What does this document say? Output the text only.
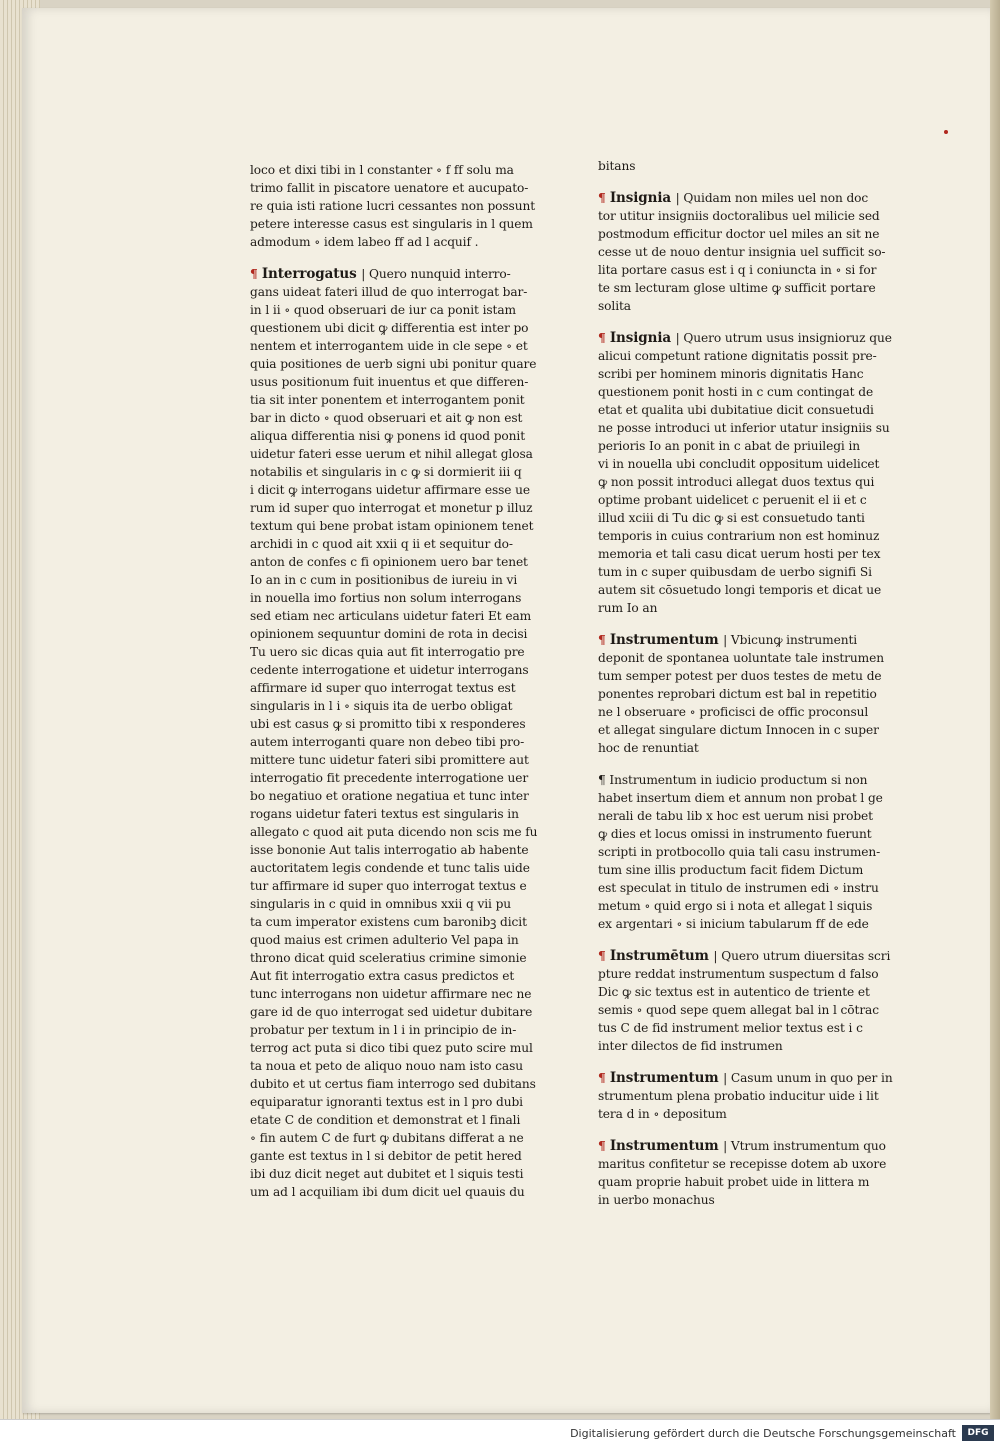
loco et dixi tibi in l constanter ∘ f ff solu ma
trimo fallit in piscatore uenatore et aucupato-
re quia isti ratione lucri cessantes non possunt
petere interesse casus est singularis in l quem
admodum ∘ idem labeo ff ad l acquif .
¶ Interrogatus | Quero nunquid interro-
gans uideat fateri illud de quo interrogat bar-
in l ii ∘ quod obseruari de iur ca ponit istam
questionem ubi dicit ꝙ differentia est inter po
nentem et interrogantem uide in cle sepe ∘ et
quia positiones de uerb signi ubi ponitur quare
usus positionum fuit inuentus et que differen-
tia sit inter ponentem et interrogantem ponit
bar in dicto ∘ quod obseruari et ait ꝙ non est
aliqua differentia nisi ꝙ ponens id quod ponit
uidetur fateri esse uerum et nihil allegat glosa
notabilis et singularis in c ꝙ si dormierit iii q
i dicit ꝙ interrogans uidetur affirmare esse ue
rum id super quo interrogat et monetur p illuz
textum qui bene probat istam opinionem tenet
archidi in c quod ait xxii q ii et sequitur do-
anton de confes c fi opinionem uero bar tenet
Io an in c cum in positionibus de iureiu in vi
in nouella imo fortius non solum interrogans
sed etiam nec articulans uidetur fateri Et eam
opinionem sequuntur domini de rota in decisi
Tu uero sic dicas quia aut fit interrogatio pre
cedente interrogatione et uidetur interrogans
affirmare id super quo interrogat textus est
singularis in l i ∘ siquis ita de uerbo obligat
ubi est casus ꝙ si promitto tibi x responderes
autem interroganti quare non debeo tibi pro-
mittere tunc uidetur fateri sibi promittere aut
interrogatio fit precedente interrogatione uer
bo negatiuo et oratione negatiua et tunc inter
rogans uidetur fateri textus est singularis in
allegato c quod ait puta dicendo non scis me fu
isse bononie Aut talis interrogatio ab habente
auctoritatem legis condende et tunc talis uide
tur affirmare id super quo interrogat textus e
singularis in c quid in omnibus xxii q vii pu
ta cum imperator existens cum baronibꝫ dicit
quod maius est crimen adulterio Vel papa in
throno dicat quid sceleratius crimine simonie
Aut fit interrogatio extra casus predictos et
tunc interrogans non uidetur affirmare nec ne
gare id de quo interrogat sed uidetur dubitare
probatur per textum in l i in principio de in-
terrog act puta si dico tibi quez puto scire mul
ta noua et peto de aliquo nouo nam isto casu
dubito et ut certus fiam interrogo sed dubitans
equiparatur ignoranti textus est in l pro dubi
etate C de condition et demonstrat et l finali
∘ fin autem C de furt ꝙ dubitans differat a ne
gante est textus in l si debitor de petit hered
ibi duz dicit neget aut dubitet et l siquis testi
um ad l acquiliam ibi dum dicit uel quauis du
bitans
¶ Insignia | Quidam non miles uel non doc
tor utitur insigniis doctoralibus uel milicie sed
postmodum efficitur doctor uel miles an sit ne
cesse ut de nouo dentur insignia uel sufficit so-
lita portare casus est i q i coniuncta in ∘ si for
te sm lecturam glose ultime ꝙ sufficit portare
solita
¶ Insignia | Quero utrum usus insignioruz que
alicui competunt ratione dignitatis possit pre-
scribi per hominem minoris dignitatis Hanc
questionem ponit hosti in c cum contingat de
etat et qualita ubi dubitatiue dicit consuetudi
ne posse introduci ut inferior utatur insigniis su
perioris Io an ponit in c abat de priuilegi in
vi in nouella ubi concludit oppositum uidelicet
ꝙ non possit introduci allegat duos textus qui
optime probant uidelicet c peruenit el ii et c
illud xciii di Tu dic ꝙ si est consuetudo tanti
temporis in cuius contrarium non est hominuz
memoria et tali casu dicat uerum hosti per tex
tum in c super quibusdam de uerbo signifi Si
autem sit cōsuetudo longi temporis et dicat ue
rum Io an
¶ Instrumentum | Vbicunꝙ instrumenti
deponit de spontanea uoluntate tale instrumen
tum semper potest per duos testes de metu de
ponentes reprobari dictum est bal in repetitio
ne l obseruare ∘ proficisci de offic proconsul
et allegat singulare dictum Innocen in c super
hoc de renuntiat
¶ Instrumentum in iudicio productum si non
habet insertum diem et annum non probat l ge
nerali de tabu lib x hoc est uerum nisi probet
ꝙ dies et locus omissi in instrumento fuerunt
scripti in protbocollo quia tali casu instrumen-
tum sine illis productum facit fidem Dictum
est speculat in titulo de instrumen edi ∘ instru
metum ∘ quid ergo si i nota et allegat l siquis
ex argentari ∘ si inicium tabularum ff de ede
¶ Instrumētum | Quero utrum diuersitas scri
pture reddat instrumentum suspectum d falso
Dic ꝙ sic textus est in autentico de triente et
semis ∘ quod sepe quem allegat bal in l cōtrac
tus C de fid instrument melior textus est i c
inter dilectos de fid instrumen
¶ Instrumentum | Casum unum in quo per in
strumentum plena probatio inducitur uide i lit
tera d in ∘ depositum
¶ Instrumentum | Vtrum instrumentum quo
maritus confitetur se recepisse dotem ab uxore
quam proprie habuit probet uide in littera m
in uerbo monachus
Digitalisierung gefördert durch die Deutsche Forschungsgemeinschaft	DFG
